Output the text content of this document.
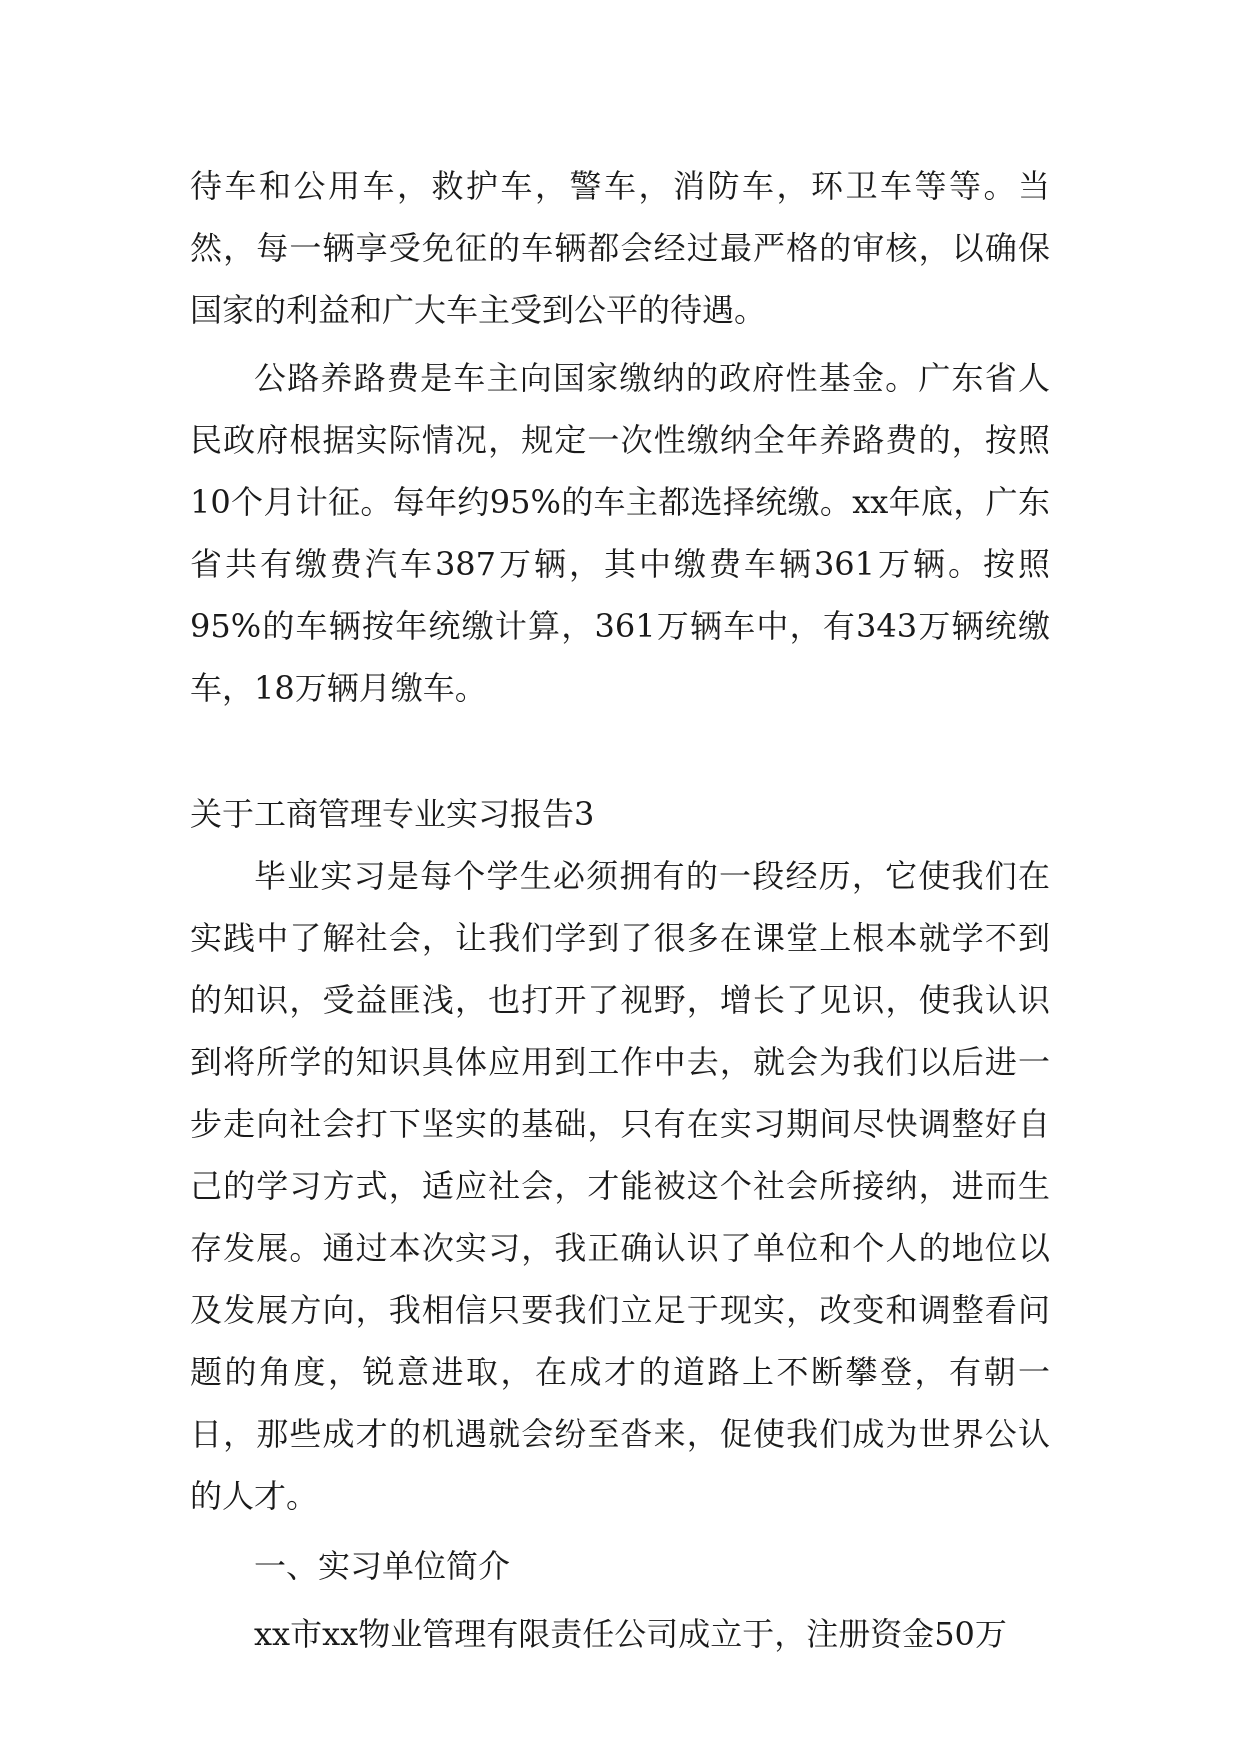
待车和公用车，救护车，警车，消防车，环卫车等等。当然，每一辆享受免征的车辆都会经过最严格的审核，以确保国家的利益和广大车主受到公平的待遇。

公路养路费是车主向国家缴纳的政府性基金。广东省人民政府根据实际情况，规定一次性缴纳全年养路费的，按照10个月计征。每年约95%的车主都选择统缴。xx年底，广东省共有缴费汽车387万辆，其中缴费车辆361万辆。按照95%的车辆按年统缴计算，361万辆车中，有343万辆统缴车，18万辆月缴车。

关于工商管理专业实习报告3

毕业实习是每个学生必须拥有的一段经历，它使我们在实践中了解社会，让我们学到了很多在课堂上根本就学不到的知识，受益匪浅，也打开了视野，增长了见识，使我认识到将所学的知识具体应用到工作中去，就会为我们以后进一步走向社会打下坚实的基础，只有在实习期间尽快调整好自己的学习方式，适应社会，才能被这个社会所接纳，进而生存发展。通过本次实习，我正确认识了单位和个人的地位以及发展方向，我相信只要我们立足于现实，改变和调整看问题的角度，锐意进取，在成才的道路上不断攀登，有朝一日，那些成才的机遇就会纷至沓来，促使我们成为世界公认的人才。

一、实习单位简介

xx市xx物业管理有限责任公司成立于，注册资金50万
